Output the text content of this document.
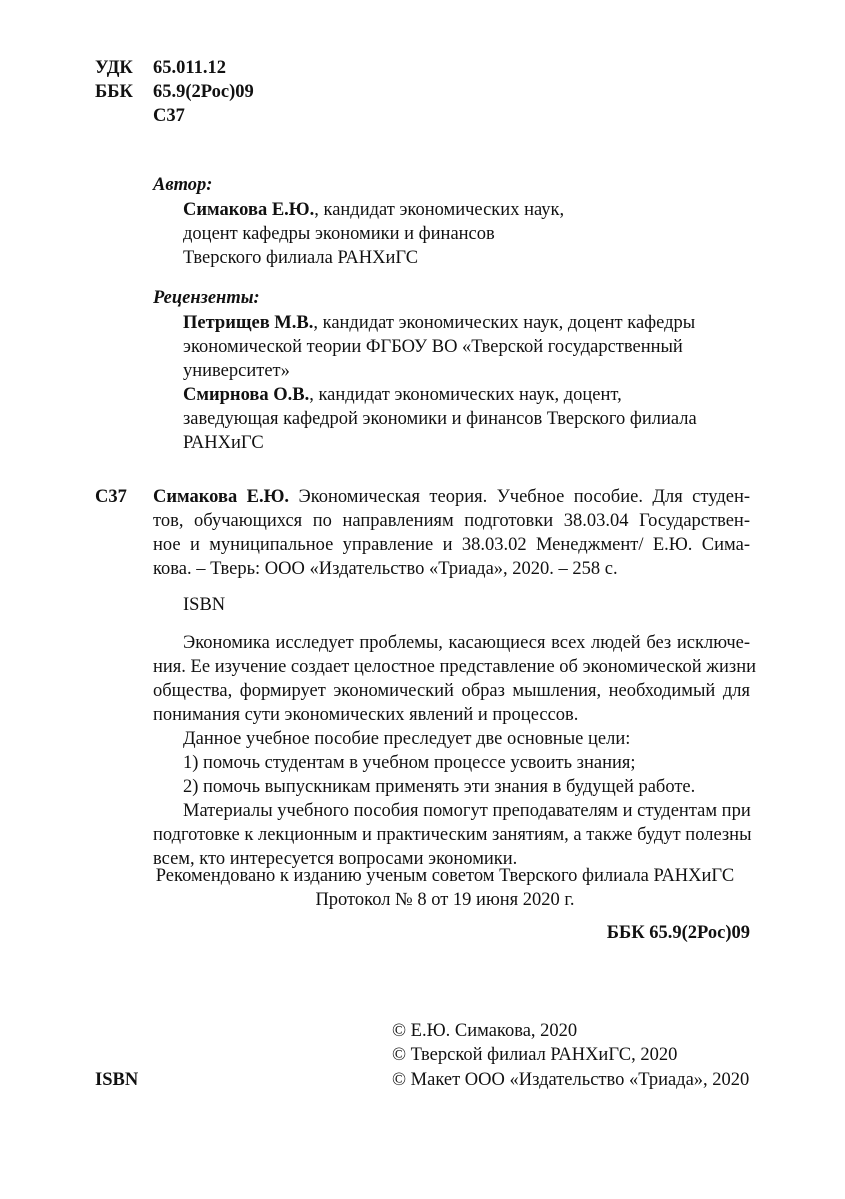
УДК 65.011.12
ББК 65.9(2Рос)09
С37
Автор:
Симакова Е.Ю., кандидат экономических наук,
доцент кафедры экономики и финансов
Тверского филиала РАНХиГС
Рецензенты:
Петрищев М.В., кандидат экономических наук, доцент кафедры
экономической теории ФГБОУ ВО «Тверской государственный
университет»
Смирнова О.В., кандидат экономических наук, доцент,
заведующая кафедрой экономики и финансов Тверского филиала
РАНХиГС
С37 Симакова Е.Ю. Экономическая теория. Учебное пособие. Для студен-
тов, обучающихся по направлениям подготовки 38.03.04 Государствен-
ное и муниципальное управление и 38.03.02 Менеджмент/ Е.Ю. Сима-
кова. – Тверь: ООО «Издательство «Триада», 2020. – 258 с.
ISBN
Экономика исследует проблемы, касающиеся всех людей без исключе-
ния. Ее изучение создает целостное представление об экономической жизни
общества, формирует экономический образ мышления, необходимый для
понимания сути экономических явлений и процессов.
Данное учебное пособие преследует две основные цели:
1) помочь студентам в учебном процессе усвоить знания;
2) помочь выпускникам применять эти знания в будущей работе.
Материалы учебного пособия помогут преподавателям и студентам при
подготовке к лекционным и практическим занятиям, а также будут полезны
всем, кто интересуется вопросами экономики.
Рекомендовано к изданию ученым советом Тверского филиала РАНХиГС
Протокол № 8 от 19 июня 2020 г.
ББК 65.9(2Рос)09
© Е.Ю. Симакова, 2020
© Тверской филиал РАНХиГС, 2020
© Макет ООО «Издательство «Триада», 2020
ISBN
